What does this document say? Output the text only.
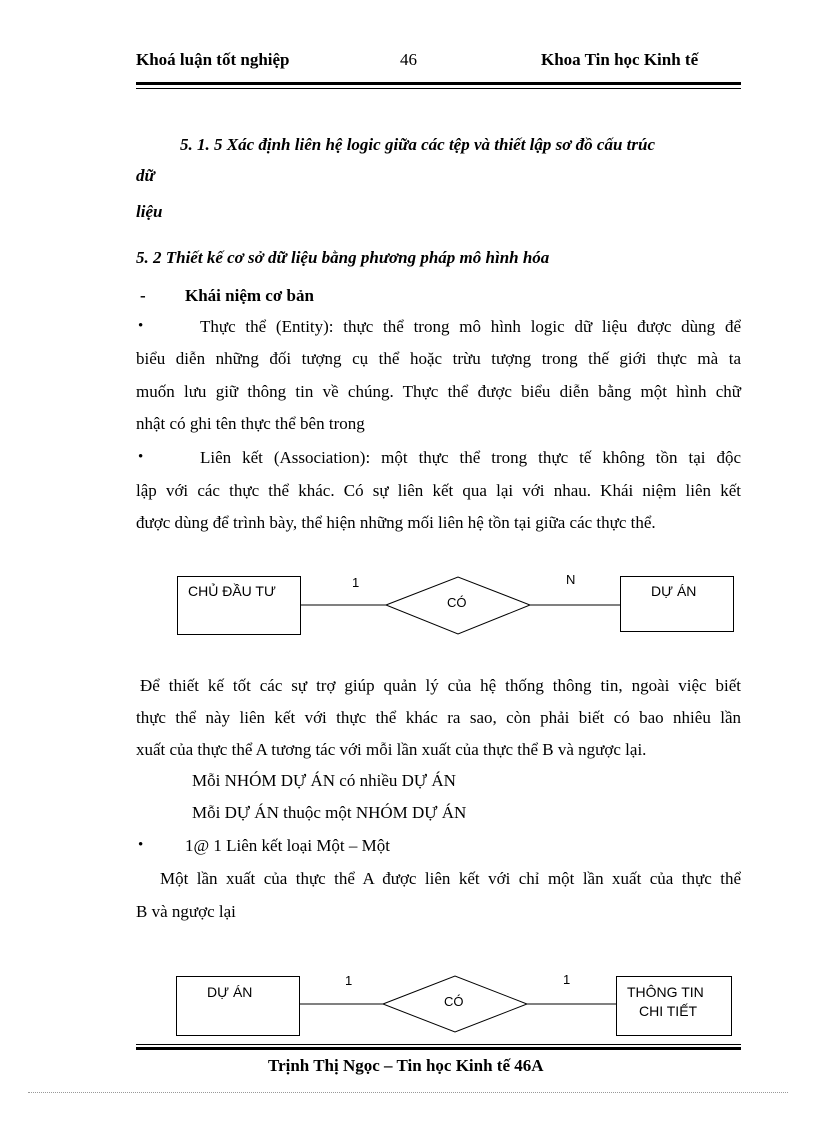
Khoá luận tốt nghiệp	46	Khoa Tin học Kinh tế
5. 1. 5 Xác định liên hệ logic giữa các tệp và thiết lập sơ đồ cấu trúc
dữ
liệu
5. 2 Thiết kế cơ sở dữ liệu bằng phương pháp mô hình hóa
- Khái niệm cơ bản
•	Thực thể (Entity): thực thể trong mô hình logic dữ liệu được dùng để
biểu diễn những đối tượng cụ thể hoặc trừu tượng trong thế giới thực mà ta
muốn lưu giữ thông tin về chúng. Thực thể được biểu diễn bằng một hình chữ
nhật có ghi tên thực thể bên trong
•	Liên kết (Association): một thực thể trong thực tế không tồn tại độc
lập với các thực thể khác. Có sự liên kết qua lại với nhau. Khái niệm liên kết
được dùng để trình bày, thể hiện những mối liên hệ tồn tại giữa các thực thể.
CHỦ ĐẦU TƯ	DỰ ÁN
CÓ
1	N
Để thiết kế tốt các sự trợ giúp quản lý của hệ thống thông tin, ngoài việc biết
thực thể này liên kết với thực thể khác ra sao, còn phải biết có bao nhiêu lần
xuất của thực thể A tương tác với mỗi lần xuất của thực thể B và ngược lại.
Mỗi NHÓM DỰ ÁN có nhiều DỰ ÁN
Mỗi DỰ ÁN thuộc một NHÓM DỰ ÁN
• 1@ 1 Liên kết loại Một – Một
Một lần xuất của thực thể A được liên kết với chỉ một lần xuất của thực thể
B và ngược lại
DỰ ÁN	THÔNG TIN
CHI TIẾT
CÓ
1	1
Trịnh Thị Ngọc – Tin học Kinh tế 46A
